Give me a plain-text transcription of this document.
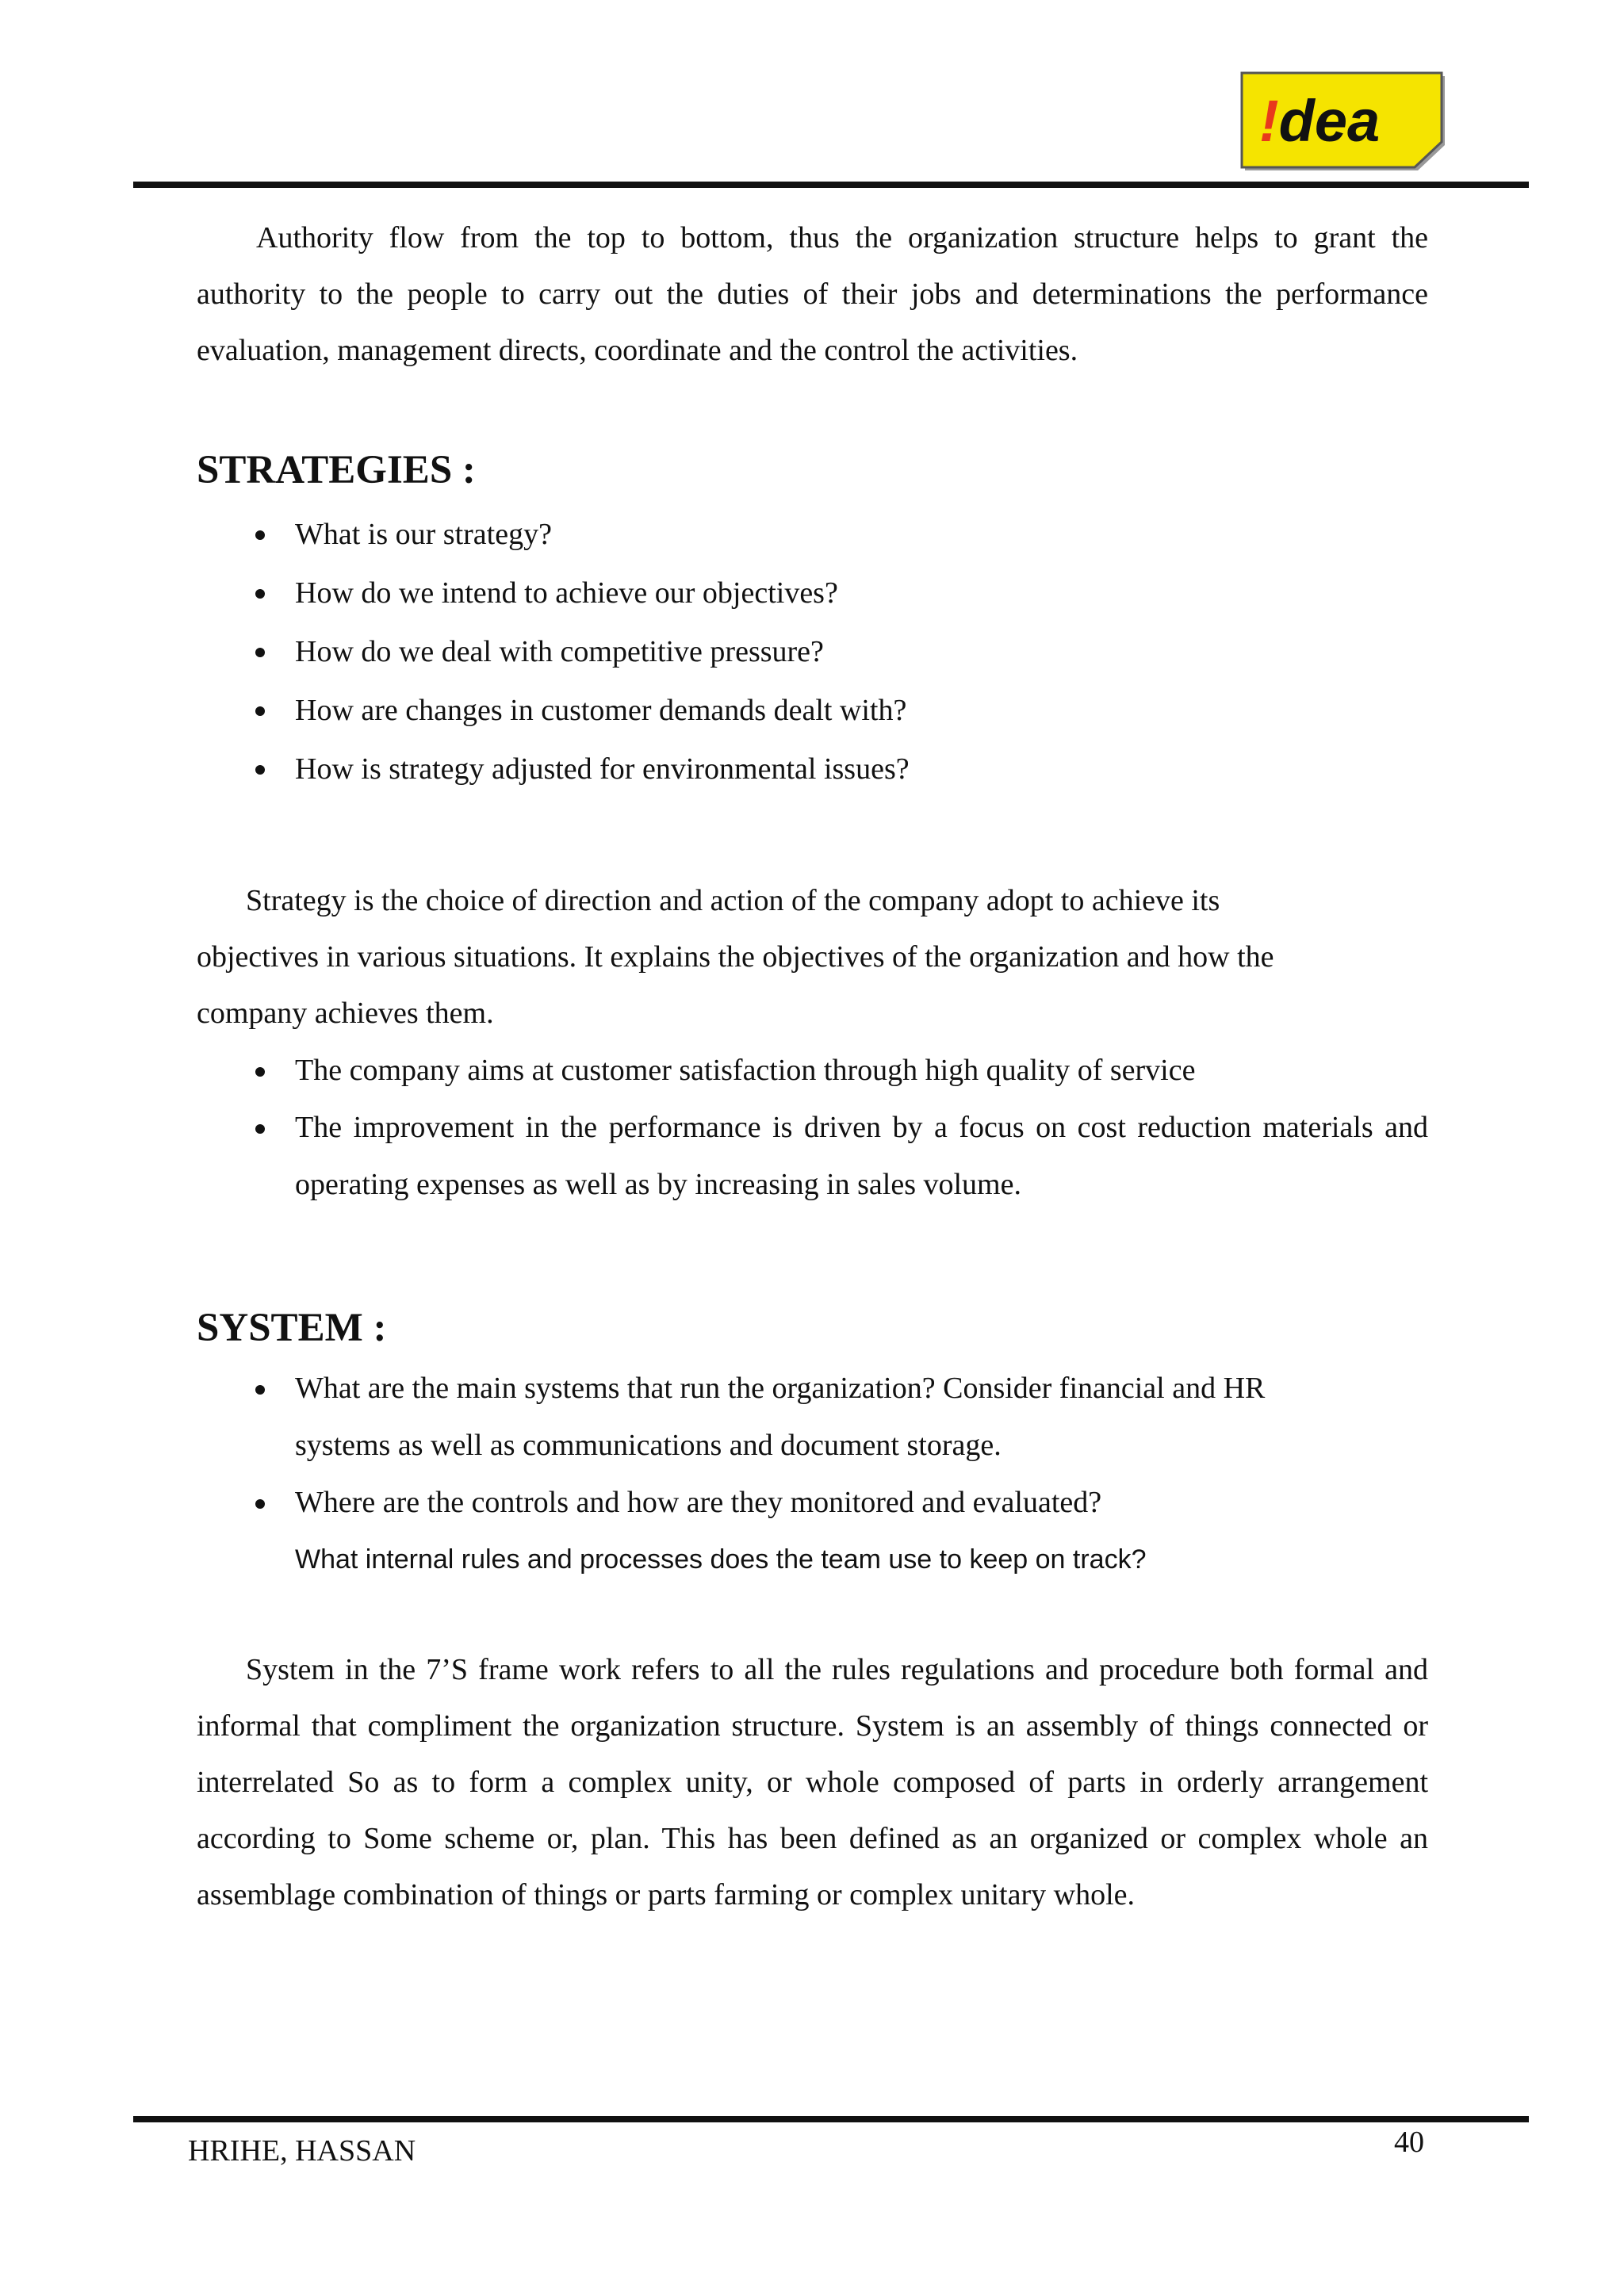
!dea

Authority flow from the top to bottom, thus the organization structure helps to grant the authority to the people to carry out the duties of their jobs and determinations the performance evaluation, management directs, coordinate and the control the activities.

STRATEGIES :
What is our strategy?
How do we intend to achieve our objectives?
How do we deal with competitive pressure?
How are changes in customer demands dealt with?
How is strategy adjusted for environmental issues?

Strategy is the choice of direction and action of the company adopt to achieve its objectives in various situations. It explains the objectives of the organization and how the company achieves them.

The company aims at customer satisfaction through high quality of service
The improvement in the performance is driven by a focus on cost reduction materials and operating expenses as well as by increasing in sales volume.
SYSTEM :
What are the main systems that run the organization? Consider financial and HR systems as well as communications and document storage.
Where are the controls and how are they monitored and evaluated?

What internal rules and processes does the team use to keep on track?

System in the 7’S frame work refers to all the rules regulations and procedure both formal and informal that compliment the organization structure. System is an assembly of things connected or interrelated So as to form a complex unity, or whole composed of parts in orderly arrangement according to Some scheme or, plan. This has been defined as an organized or complex whole an assemblage combination of things or parts farming or complex unitary whole.

HRIHE, HASSAN	40
